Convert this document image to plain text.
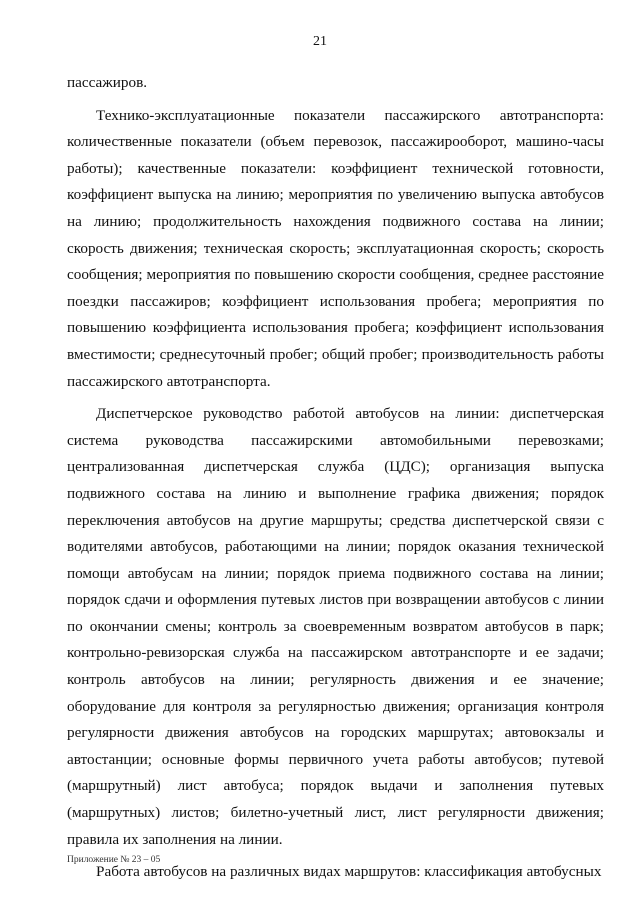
21

пассажиров.

Технико-эксплуатационные показатели пассажирского автотранспорта: количественные показатели (объем перевозок, пассажирооборот, машино-часы работы); качественные показатели: коэффициент технической готовности, коэффициент выпуска на линию; мероприятия по увеличению выпуска автобусов на линию; продолжительность нахождения подвижного состава на линии; скорость движения; техническая скорость; эксплуатационная скорость; скорость сообщения; мероприятия по повышению скорости сообщения, среднее расстояние поездки пассажиров; коэффициент использования пробега; мероприятия по повышению коэффициента использования пробега; коэффициент использования вместимости; среднесуточный пробег; общий пробег; производительность работы пассажирского автотранспорта.

Диспетчерское руководство работой автобусов на линии: диспетчерская система руководства пассажирскими автомобильными перевозками; централизованная диспетчерская служба (ЦДС); организация выпуска подвижного состава на линию и выполнение графика движения; порядок переключения автобусов на другие маршруты; средства диспетчерской связи с водителями автобусов, работающими на линии; порядок оказания технической помощи автобусам на линии; порядок приема подвижного состава на линии; порядок сдачи и оформления путевых листов при возвращении автобусов с линии по окончании смены; контроль за своевременным возвратом автобусов в парк; контрольно-ревизорская служба на пассажирском автотранспорте и ее задачи; контроль автобусов на линии; регулярность движения и ее значение; оборудование для контроля за регулярностью движения; организация контроля регулярности движения автобусов на городских маршрутах; автовокзалы и автостанции; основные формы первичного учета работы автобусов; путевой (маршрутный) лист автобуса; порядок выдачи и заполнения путевых (маршрутных) листов; билетно-учетный лист, лист регулярности движения; правила их заполнения на линии.

Работа автобусов на различных видах маршрутов: классификация автобусных

Приложение № 23 – 05
